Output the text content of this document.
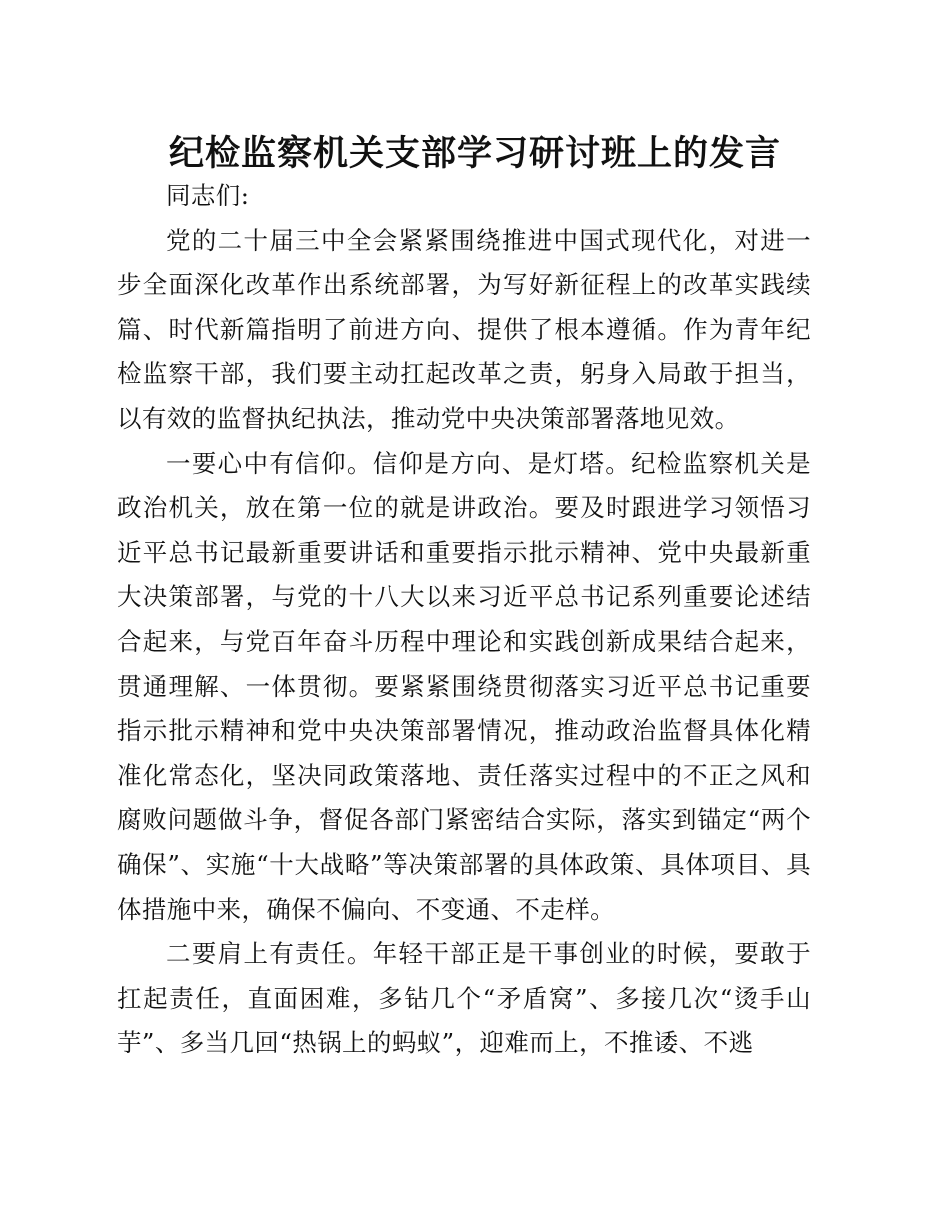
纪检监察机关支部学习研讨班上的发言

同志们:

党的二十届三中全会紧紧围绕推进中国式现代化，对进一步全面深化改革作出系统部署，为写好新征程上的改革实践续篇、时代新篇指明了前进方向、提供了根本遵循。作为青年纪检监察干部，我们要主动扛起改革之责，躬身入局敢于担当，以有效的监督执纪执法，推动党中央决策部署落地见效。

一要心中有信仰。信仰是方向、是灯塔。纪检监察机关是政治机关，放在第一位的就是讲政治。要及时跟进学习领悟习近平总书记最新重要讲话和重要指示批示精神、党中央最新重大决策部署，与党的十八大以来习近平总书记系列重要论述结合起来，与党百年奋斗历程中理论和实践创新成果结合起来，贯通理解、一体贯彻。要紧紧围绕贯彻落实习近平总书记重要指示批示精神和党中央决策部署情况，推动政治监督具体化精准化常态化，坚决同政策落地、责任落实过程中的不正之风和腐败问题做斗争，督促各部门紧密结合实际，落实到锚定“两个确保”、实施“十大战略”等决策部署的具体政策、具体项目、具体措施中来，确保不偏向、不变通、不走样。

二要肩上有责任。年轻干部正是干事创业的时候，要敢于扛起责任，直面困难，多钻几个“矛盾窝”、多接几次“烫手山芋”、多当几回“热锅上的蚂蚁”，迎难而上，不推诿、不逃
